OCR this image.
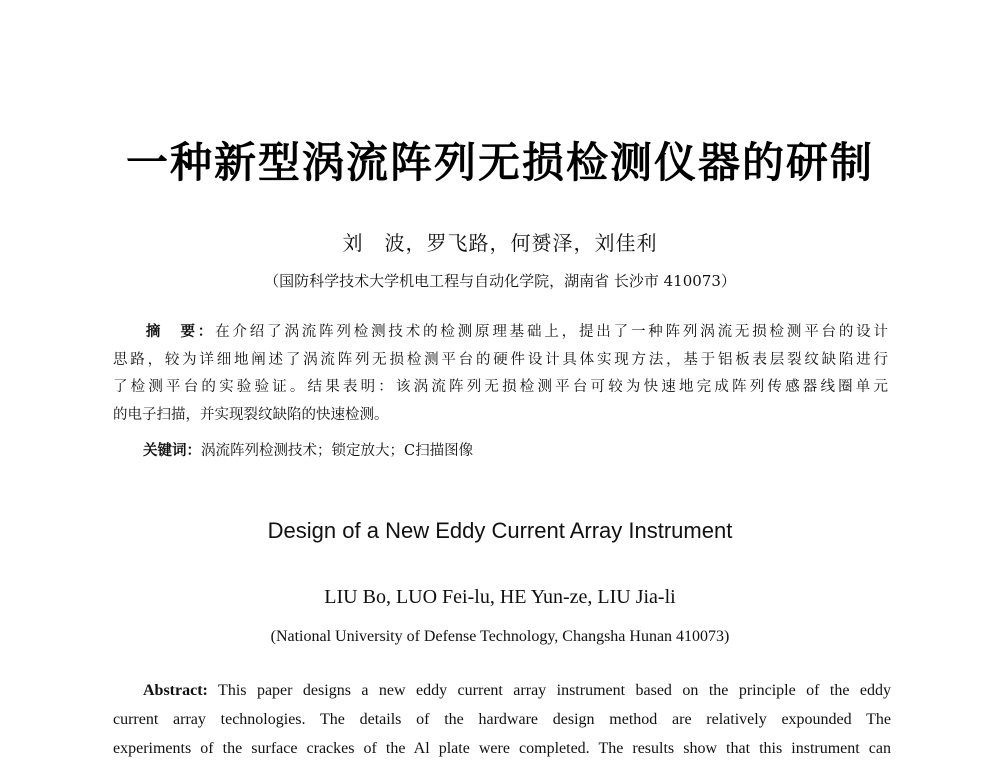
一种新型涡流阵列无损检测仪器的研制
刘　波，罗飞路，何赟泽，刘佳利
（国防科学技术大学机电工程与自动化学院，湖南省 长沙市 410073）
摘　要：在介绍了涡流阵列检测技术的检测原理基础上，提出了一种阵列涡流无损检测平台的设计
思路，较为详细地阐述了涡流阵列无损检测平台的硬件设计具体实现方法，基于铝板表层裂纹缺陷进行
了检测平台的实验验证。结果表明：该涡流阵列无损检测平台可较为快速地完成阵列传感器线圈单元
的电子扫描，并实现裂纹缺陷的快速检测。
关键词：涡流阵列检测技术；锁定放大；C扫描图像
Design of a New Eddy Current Array Instrument
LIU Bo, LUO Fei-lu, HE Yun-ze, LIU Jia-li
(National University of Defense Technology, Changsha Hunan 410073)
Abstract: This paper designs a new eddy current array instrument based on the principle of the eddy
current array technologies. The details of the hardware design method are relatively expounded The
experiments of the surface crackes of the Al plate were completed. The results show that this instrument can
